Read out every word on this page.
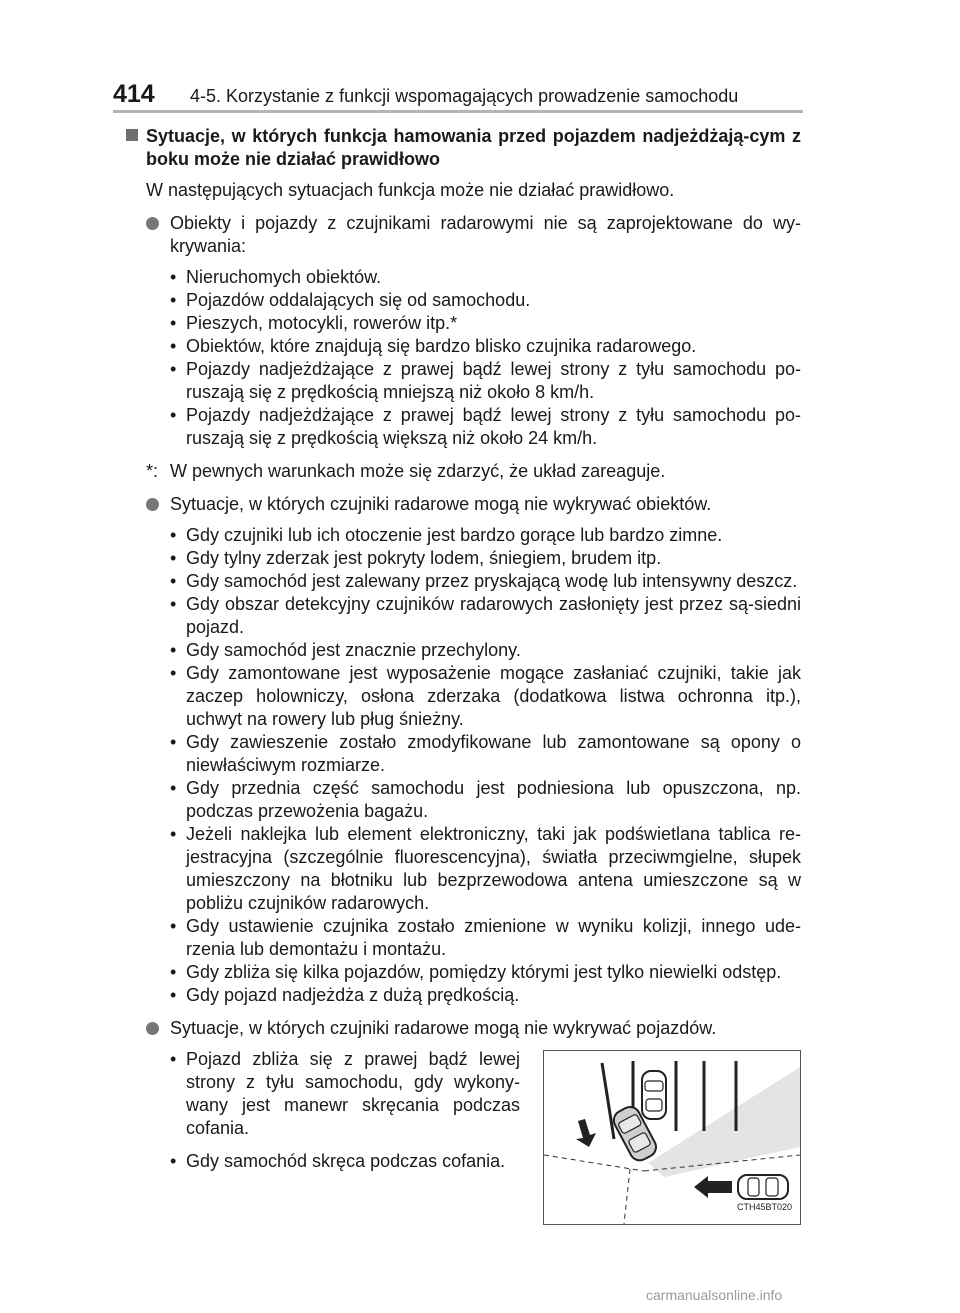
414	4-5. Korzystanie z funkcji wspomagających prowadzenie samochodu
Sytuacje, w których funkcja hamowania przed pojazdem nadjeżdżają-cym z boku może nie działać prawidłowo
W następujących sytuacjach funkcja może nie działać prawidłowo.
Obiekty i pojazdy z czujnikami radarowymi nie są zaprojektowane do wy-krywania:
• Nieruchomych obiektów.
• Pojazdów oddalających się od samochodu.
• Pieszych, motocykli, rowerów itp.*
• Obiektów, które znajdują się bardzo blisko czujnika radarowego.
• Pojazdy nadjeżdżające z prawej bądź lewej strony z tyłu samochodu po-ruszają się z prędkością mniejszą niż około 8 km/h.
• Pojazdy nadjeżdżające z prawej bądź lewej strony z tyłu samochodu po-ruszają się z prędkością większą niż około 24 km/h.
*: W pewnych warunkach może się zdarzyć, że układ zareaguje.
Sytuacje, w których czujniki radarowe mogą nie wykrywać obiektów.
• Gdy czujniki lub ich otoczenie jest bardzo gorące lub bardzo zimne.
• Gdy tylny zderzak jest pokryty lodem, śniegiem, brudem itp.
• Gdy samochód jest zalewany przez pryskającą wodę lub intensywny deszcz.
• Gdy obszar detekcyjny czujników radarowych zasłonięty jest przez są-siedni pojazd.
• Gdy samochód jest znacznie przechylony.
• Gdy zamontowane jest wyposażenie mogące zasłaniać czujniki, takie jak zaczep holowniczy, osłona zderzaka (dodatkowa listwa ochronna itp.), uchwyt na rowery lub pług śnieżny.
• Gdy zawieszenie zostało zmodyfikowane lub zamontowane są opony o niewłaściwym rozmiarze.
• Gdy przednia część samochodu jest podniesiona lub opuszczona, np. podczas przewożenia bagażu.
• Jeżeli naklejka lub element elektroniczny, taki jak podświetlana tablica re-jestracyjna (szczególnie fluorescencyjna), światła przeciwmgielne, słupek umieszczony na błotniku lub bezprzewodowa antena umieszczone są w pobliżu czujników radarowych.
• Gdy ustawienie czujnika zostało zmienione w wyniku kolizji, innego ude-rzenia lub demontażu i montażu.
• Gdy zbliża się kilka pojazdów, pomiędzy którymi jest tylko niewielki odstęp.
• Gdy pojazd nadjeżdża z dużą prędkością.
Sytuacje, w których czujniki radarowe mogą nie wykrywać pojazdów.
• Pojazd zbliża się z prawej bądź lewej strony z tyłu samochodu, gdy wykony-wany jest manewr skręcania podczas cofania.
• Gdy samochód skręca podczas cofania.
CTH45BT020
carmanualsonline.info
